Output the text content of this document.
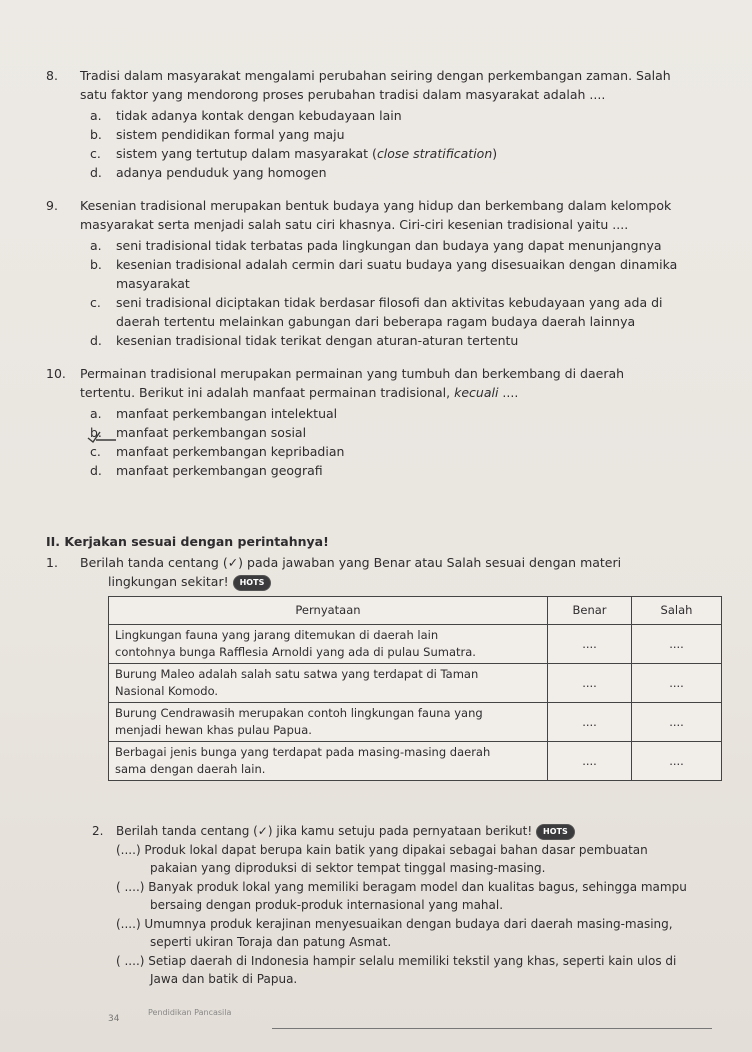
8. Tradisi dalam masyarakat mengalami perubahan seiring dengan perkembangan zaman. Salah
satu faktor yang mendorong proses perubahan tradisi dalam masyarakat adalah ....
a. tidak adanya kontak dengan kebudayaan lain
b. sistem pendidikan formal yang maju
c. sistem yang tertutup dalam masyarakat (close stratification)
d. adanya penduduk yang homogen
9. Kesenian tradisional merupakan bentuk budaya yang hidup dan berkembang dalam kelompok
masyarakat serta menjadi salah satu ciri khasnya. Ciri-ciri kesenian tradisional yaitu ....
a. seni tradisional tidak terbatas pada lingkungan dan budaya yang dapat menunjangnya
b. kesenian tradisional adalah cermin dari suatu budaya yang disesuaikan dengan dinamika
masyarakat
c. seni tradisional diciptakan tidak berdasar filosofi dan aktivitas kebudayaan yang ada di
daerah tertentu melainkan gabungan dari beberapa ragam budaya daerah lainnya
d. kesenian tradisional tidak terikat dengan aturan-aturan tertentu
10. Permainan tradisional merupakan permainan yang tumbuh dan berkembang di daerah
tertentu. Berikut ini adalah manfaat permainan tradisional, kecuali ....
a. manfaat perkembangan intelektual
b. manfaat perkembangan sosial
c. manfaat perkembangan kepribadian
d. manfaat perkembangan geografi
II. Kerjakan sesuai dengan perintahnya!
1. Berilah tanda centang (✓) pada jawaban yang Benar atau Salah sesuai dengan materi
lingkungan sekitar! HOTS
Pernyataan	Benar	Salah

Lingkungan fauna yang jarang ditemukan di daerah lain
contohnya bunga Rafflesia Arnoldi yang ada di pulau Sumatra.	....	....

Burung Maleo adalah salah satu satwa yang terdapat di Taman
Nasional Komodo.	....	....

Burung Cendrawasih merupakan contoh lingkungan fauna yang
menjadi hewan khas pulau Papua.	....	....

Berbagai jenis bunga yang terdapat pada masing-masing daerah
sama dengan daerah lain.	....	....
2. Berilah tanda centang (✓) jika kamu setuju pada pernyataan berikut! HOTS
(....) Produk lokal dapat berupa kain batik yang dipakai sebagai bahan dasar pembuatan
pakaian yang diproduksi di sektor tempat tinggal masing-masing.
( ....) Banyak produk lokal yang memiliki beragam model dan kualitas bagus, sehingga mampu
bersaing dengan produk-produk internasional yang mahal.
(....) Umumnya produk kerajinan menyesuaikan dengan budaya dari daerah masing-masing,
seperti ukiran Toraja dan patung Asmat.
( ....) Setiap daerah di Indonesia hampir selalu memiliki tekstil yang khas, seperti kain ulos di
Jawa dan batik di Papua.
34
Pendidikan Pancasila
